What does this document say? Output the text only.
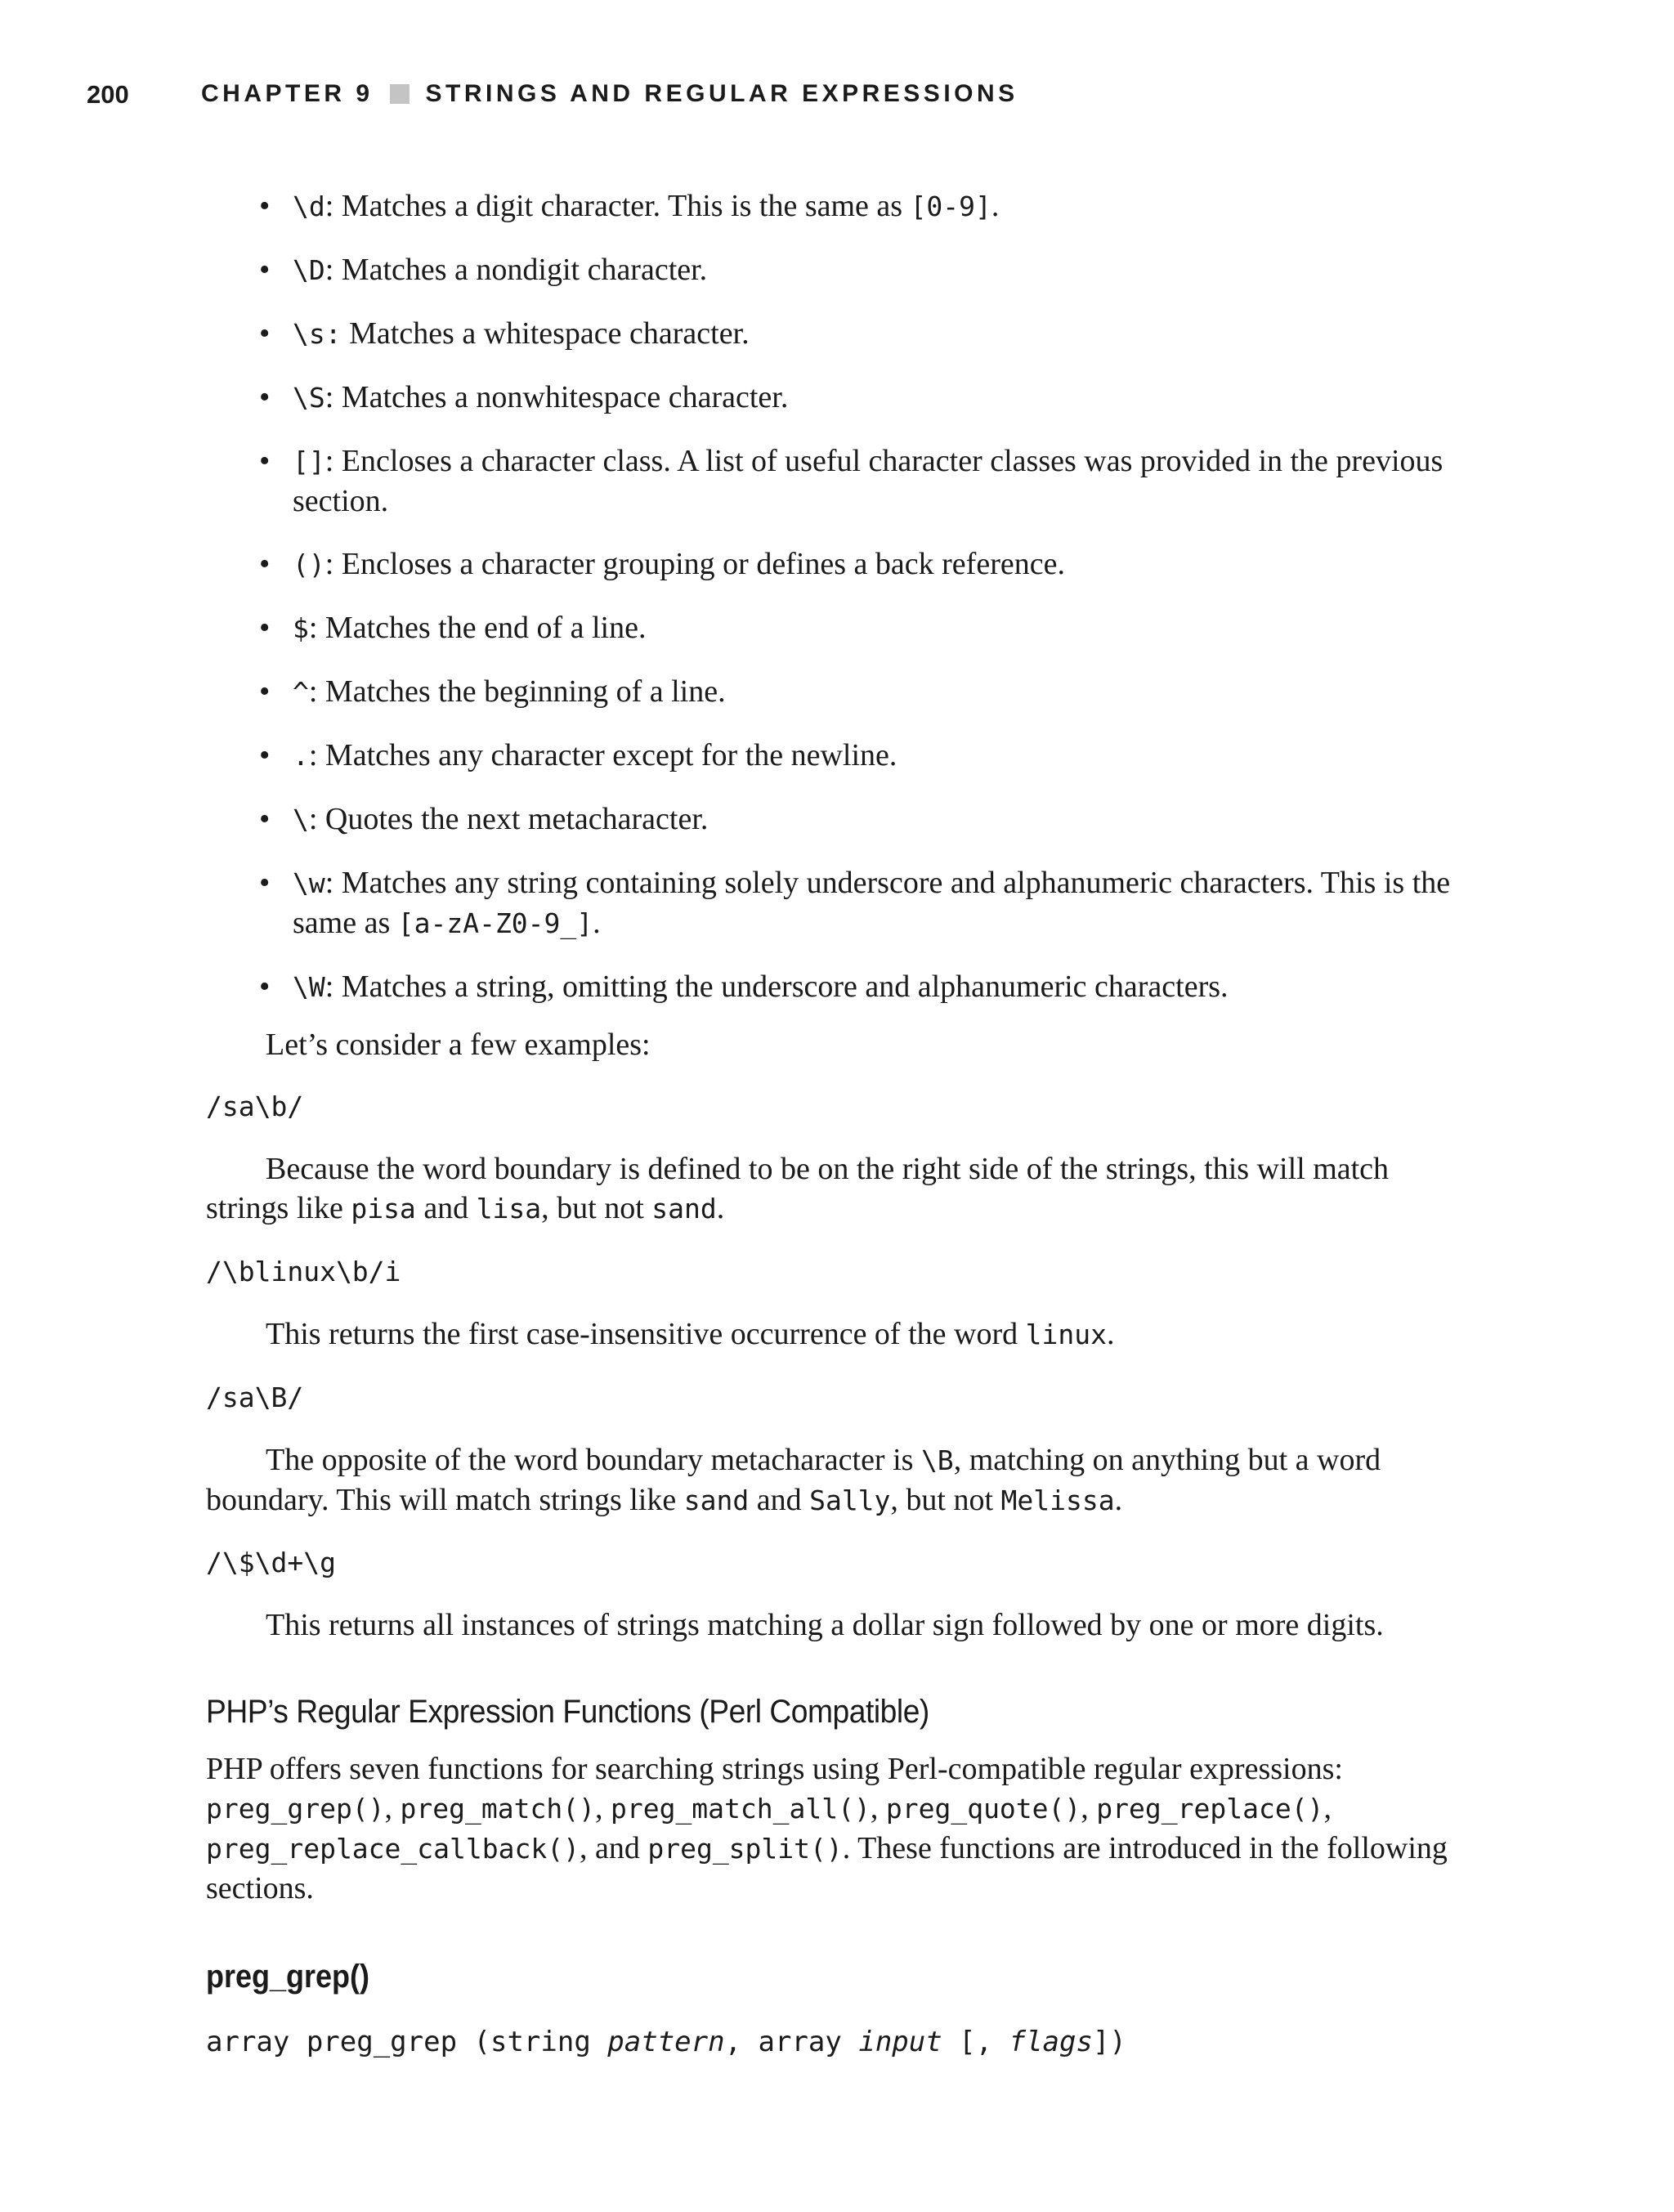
200	CHAPTER 9 STRINGS AND REGULAR EXPRESSIONS
• \d: Matches a digit character. This is the same as [0-9].
• \D: Matches a nondigit character.
• \s: Matches a whitespace character.
• \S: Matches a nonwhitespace character.
• []: Encloses a character class. A list of useful character classes was provided in the previous section.
• (): Encloses a character grouping or defines a back reference.
• $: Matches the end of a line.
• ^: Matches the beginning of a line.
• .: Matches any character except for the newline.
• \: Quotes the next metacharacter.
• \w: Matches any string containing solely underscore and alphanumeric characters. This is the same as [a-zA-Z0-9_].
• \W: Matches a string, omitting the underscore and alphanumeric characters.
Let’s consider a few examples:
/sa\b/
Because the word boundary is defined to be on the right side of the strings, this will match strings like pisa and lisa, but not sand.
/\blinux\b/i
This returns the first case-insensitive occurrence of the word linux.
/sa\B/
The opposite of the word boundary metacharacter is \B, matching on anything but a word boundary. This will match strings like sand and Sally, but not Melissa.
/\$\d+\g
This returns all instances of strings matching a dollar sign followed by one or more digits.
PHP’s Regular Expression Functions (Perl Compatible)
PHP offers seven functions for searching strings using Perl-compatible regular expressions: preg_grep(), preg_match(), preg_match_all(), preg_quote(), preg_replace(), preg_replace_callback(), and preg_split(). These functions are introduced in the following sections.
preg_grep()
array preg_grep (string pattern, array input [, flags])
